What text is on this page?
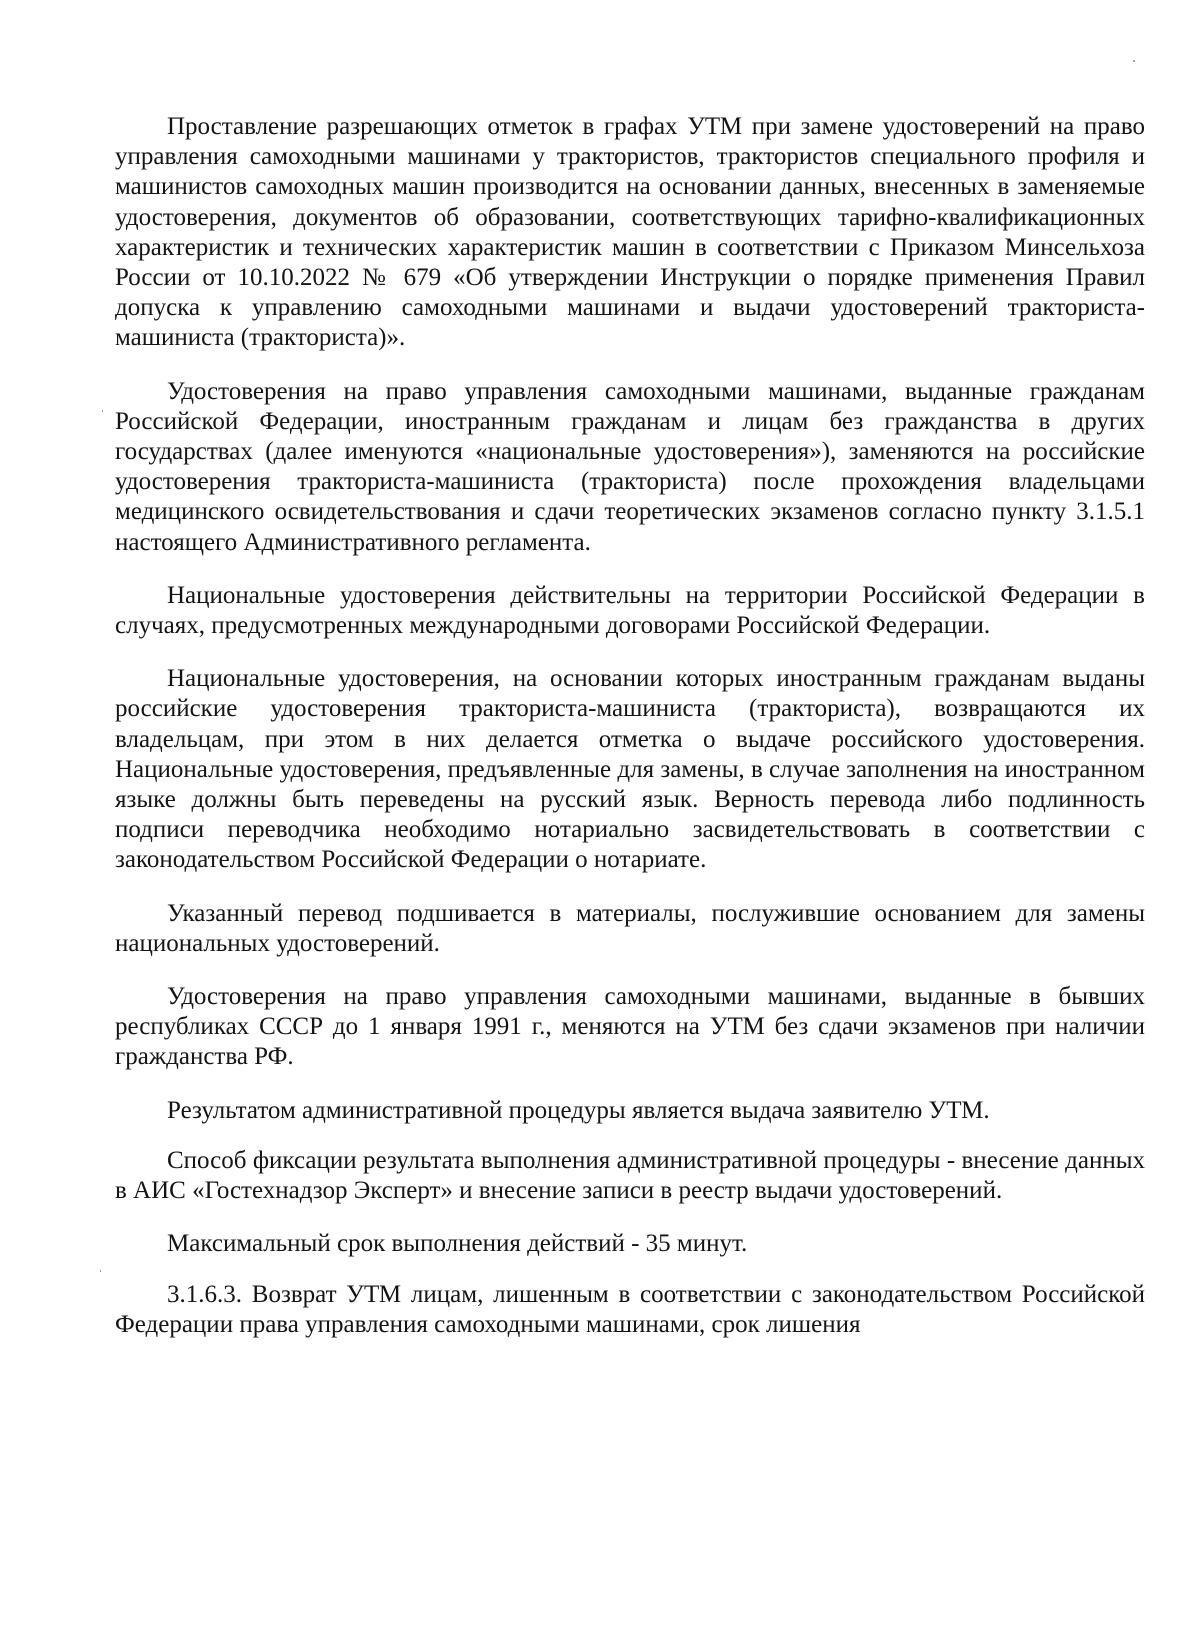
Проставление разрешающих отметок в графах УТМ при замене удостоверений на право управления самоходными машинами у трактористов, трактористов специального профиля и машинистов самоходных машин производится на основании данных, внесенных в заменяемые удостоверения, документов об образовании, соответствующих тарифно-квалификационных характеристик и технических характеристик машин в соответствии с Приказом Минсельхоза России от 10.10.2022 № 679 «Об утверждении Инструкции о порядке применения Правил допуска к управлению самоходными машинами и выдачи удостоверений тракториста-машиниста (тракториста)».

Удостоверения на право управления самоходными машинами, выданные гражданам Российской Федерации, иностранным гражданам и лицам без гражданства в других государствах (далее именуются «национальные удостоверения»), заменяются на российские удостоверения тракториста-машиниста (тракториста) после прохождения владельцами медицинского освидетельствования и сдачи теоретических экзаменов согласно пункту 3.1.5.1 настоящего Административного регламента.

Национальные удостоверения действительны на территории Российской Федерации в случаях, предусмотренных международными договорами Российской Федерации.

Национальные удостоверения, на основании которых иностранным гражданам выданы российские удостоверения тракториста-машиниста (тракториста), возвращаются их владельцам, при этом в них делается отметка о выдаче российского удостоверения. Национальные удостоверения, предъявленные для замены, в случае заполнения на иностранном языке должны быть переведены на русский язык. Верность перевода либо подлинность подписи переводчика необходимо нотариально засвидетельствовать в соответствии с законодательством Российской Федерации о нотариате.

Указанный перевод подшивается в материалы, послужившие основанием для замены национальных удостоверений.

Удостоверения на право управления самоходными машинами, выданные в бывших республиках СССР до 1 января 1991 г., меняются на УТМ без сдачи экзаменов при наличии гражданства РФ.

Результатом административной процедуры является выдача заявителю УТМ.

Способ фиксации результата выполнения административной процедуры - внесение данных в АИС «Гостехнадзор Эксперт» и внесение записи в реестр выдачи удостоверений.

Максимальный срок выполнения действий - 35 минут.

3.1.6.3. Возврат УТМ лицам, лишенным в соответствии с законодательством Российской Федерации права управления самоходными машинами, срок лишения
